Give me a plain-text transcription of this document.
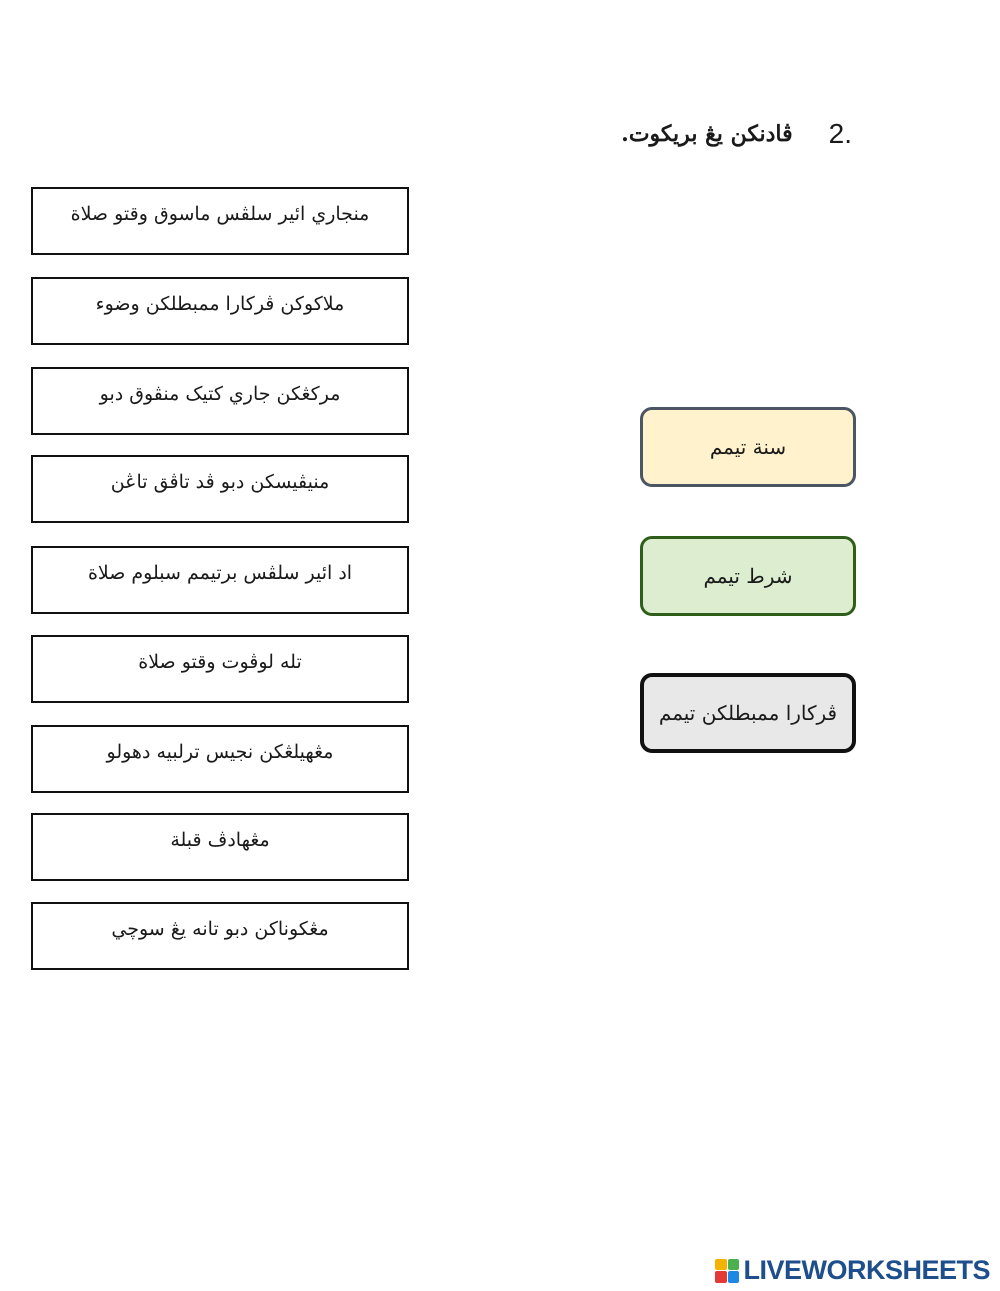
ڤادنكن يڠ بريكوت. 2.
منجاري ائير سلڤس ماسوق وقتو صلاة
ملاكوكن ڤركارا ممبطلكن وضوء
مركڠكن جاري كتيک منڤوق دبو
منيڤيسكن دبو ڤد تاڤق تاڠن
اد ائير سلڤس برتيمم سبلوم صلاة
تله لوڤوت وقتو صلاة
مڠهيلڠكن نجيس ترلبيه دهولو
مڠهادڤ قبلة
مڠكوناكن دبو تانه يڠ سوچي
سنة تيمم
شرط تيمم
ڤركارا ممبطلكن تيمم
LIVEWORKSHEETS
